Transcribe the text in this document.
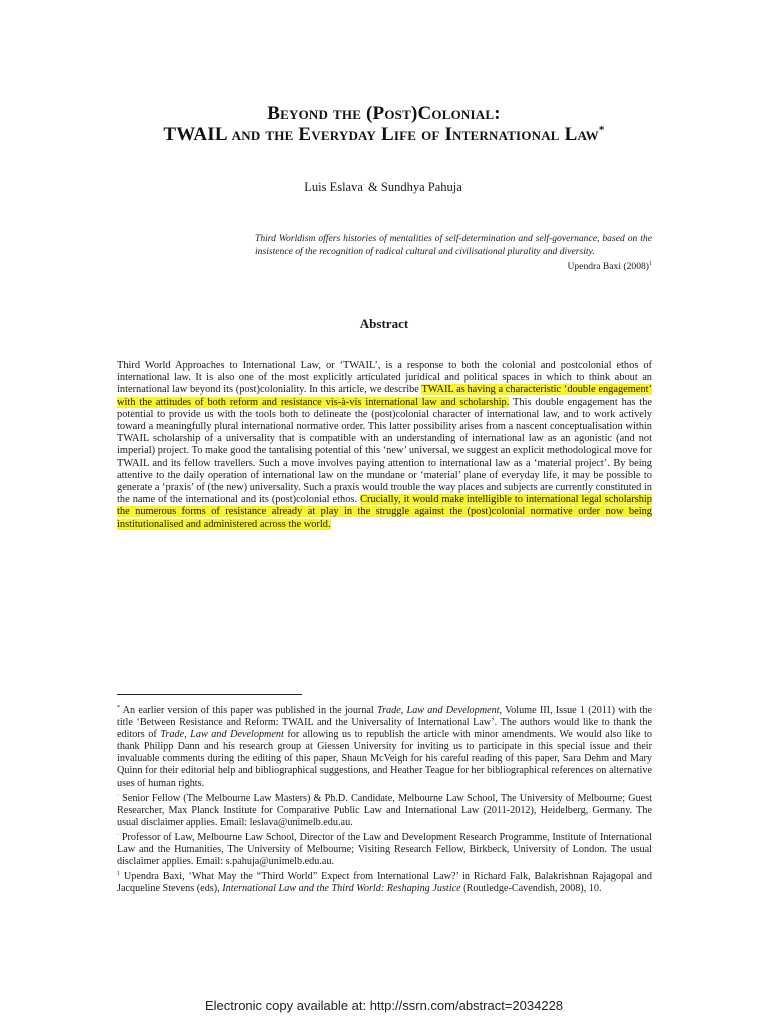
Beyond the (Post)Colonial:
TWAIL and the Everyday Life of International Law*
Luis Eslava· & Sundhya Pahuja·
Third Worldism offers histories of mentalities of self-determination and self-governance, based on the insistence of the recognition of radical cultural and civilisational plurality and diversity.
Upendra Baxi $(2008)^1$
Abstract
Third World Approaches to International Law, or ‘TWAIL’, is a response to both the colonial and postcolonial ethos of international law. It is also one of the most explicitly articulated juridical and political spaces in which to think about an international law beyond its (post)coloniality. In this article, we describe TWAIL as having a characteristic ‘double engagement’ with the attitudes of both reform and resistance vis-à-vis international law and scholarship. This double engagement has the potential to provide us with the tools both to delineate the (post)colonial character of international law, and to work actively toward a meaningfully plural international normative order. This latter possibility arises from a nascent conceptualisation within TWAIL scholarship of a universality that is compatible with an understanding of international law as an agonistic (and not imperial) project. To make good the tantalising potential of this ‘new’ universal, we suggest an explicit methodological move for TWAIL and its fellow travellers. Such a move involves paying attention to international law as a ‘material project’. By being attentive to the daily operation of international law on the mundane or ‘material’ plane of everyday life, it may be possible to generate a ‘praxis’ of (the new) universality. Such a praxis would trouble the way places and subjects are currently constituted in the name of the international and its (post)colonial ethos. Crucially, it would make intelligible to international legal scholarship the numerous forms of resistance already at play in the struggle against the (post)colonial normative order now being institutionalised and administered across the world.

* An earlier version of this paper was published in the journal Trade, Law and Development, Volume III, Issue 1 (2011) with the title ‘Between Resistance and Reform: TWAIL and the Universality of International Law’. The authors would like to thank the editors of Trade, Law and Development for allowing us to republish the article with minor amendments. We would also like to thank Philipp Dann and his research group at Giessen University for inviting us to participate in this special issue and their invaluable comments during the editing of this paper, Shaun McVeigh for his careful reading of this paper, Sara Dehm and Mary Quinn for their editorial help and bibliographical suggestions, and Heather Teague for her bibliographical references on alternative uses of human rights.

· Senior Fellow (The Melbourne Law Masters) & Ph.D. Candidate, Melbourne Law School, The University of Melbourne; Guest Researcher, Max Planck Institute for Comparative Public Law and International Law (2011-2012), Heidelberg, Germany. The usual disclaimer applies. Email: leslava@unimelb.edu.au.

· Professor of Law, Melbourne Law School, Director of the Law and Development Research Programme, Institute of International Law and the Humanities, The University of Melbourne; Visiting Research Fellow, Birkbeck, University of London. The usual disclaimer applies. Email: s.pahuja@unimelb.edu.au.

$^1$ Upendra Baxi, ‘What May the “Third World” Expect from International Law?’ in Richard Falk, Balakrishnan Rajagopal and Jacqueline Stevens (eds), International Law and the Third World: Reshaping Justice (Routledge-Cavendish, 2008), 10.

Electronic copy available at: http://ssrn.com/abstract=2034228
